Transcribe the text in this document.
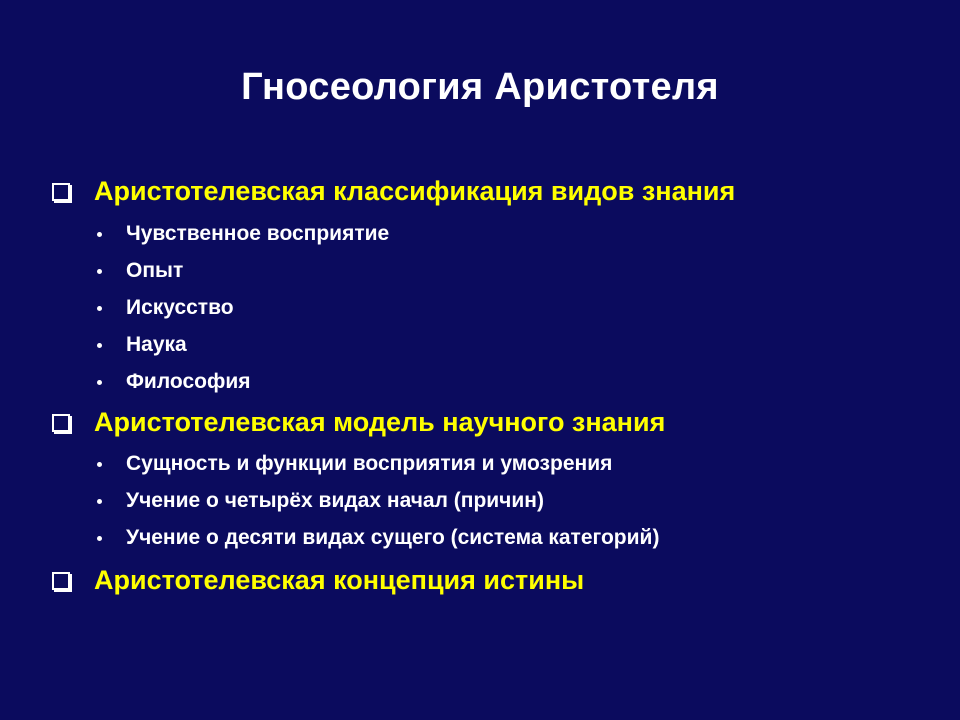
Гносеология Аристотеля
Аристотелевская классификация видов знания
Чувственное восприятие
Опыт
Искусство
Наука
Философия
Аристотелевская модель научного знания
Сущность и функции восприятия и умозрения
Учение о четырёх видах начал (причин)
Учение о десяти видах сущего (система категорий)
Аристотелевская концепция истины
